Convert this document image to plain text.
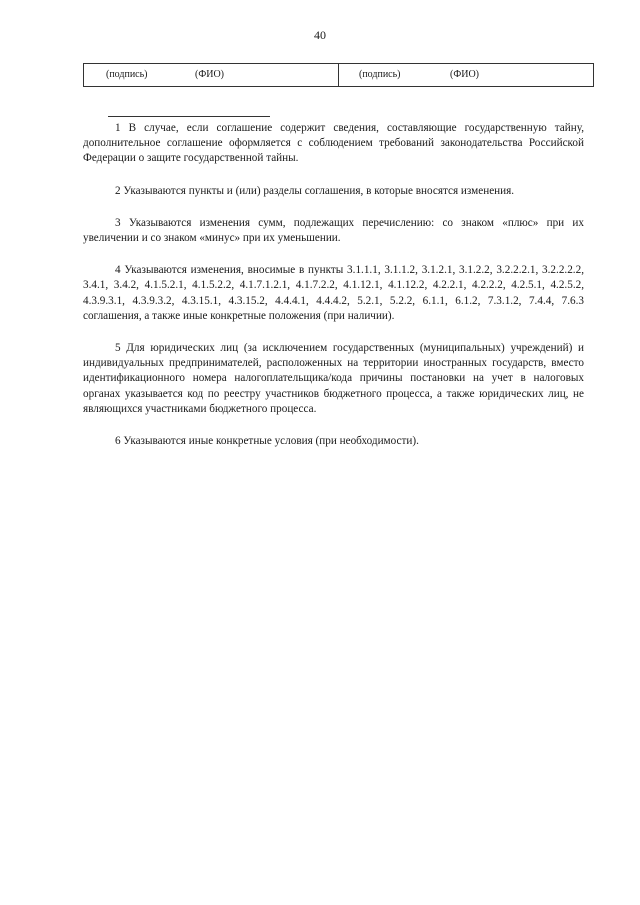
40
(подпись)	(ФИО)	(подпись)	(ФИО)

1 В случае, если соглашение содержит сведения, составляющие государственную тайну, дополнительное соглашение оформляется с соблюдением требований законодательства Российской Федерации о защите государственной тайны.

2 Указываются пункты и (или) разделы соглашения, в которые вносятся изменения.

3 Указываются изменения сумм, подлежащих перечислению: со знаком «плюс» при их увеличении и со знаком «минус» при их уменьшении.

4 Указываются изменения, вносимые в пункты 3.1.1.1, 3.1.1.2, 3.1.2.1, 3.1.2.2, 3.2.2.2.1, 3.2.2.2.2, 3.4.1, 3.4.2, 4.1.5.2.1, 4.1.5.2.2, 4.1.7.1.2.1, 4.1.7.2.2, 4.1.12.1, 4.1.12.2, 4.2.2.1, 4.2.2.2, 4.2.5.1, 4.2.5.2, 4.3.9.3.1, 4.3.9.3.2, 4.3.15.1, 4.3.15.2, 4.4.4.1, 4.4.4.2, 5.2.1, 5.2.2, 6.1.1, 6.1.2, 7.3.1.2, 7.4.4, 7.6.3 соглашения, а также иные конкретные положения (при наличии).

5 Для юридических лиц (за исключением государственных (муниципальных) учреждений) и индивидуальных предпринимателей, расположенных на территории иностранных государств, вместо идентификационного номера налогоплательщика/кода причины постановки на учет в налоговых органах указывается код по реестру участников бюджетного процесса, а также юридических лиц, не являющихся участниками бюджетного процесса.

6 Указываются иные конкретные условия (при необходимости).
